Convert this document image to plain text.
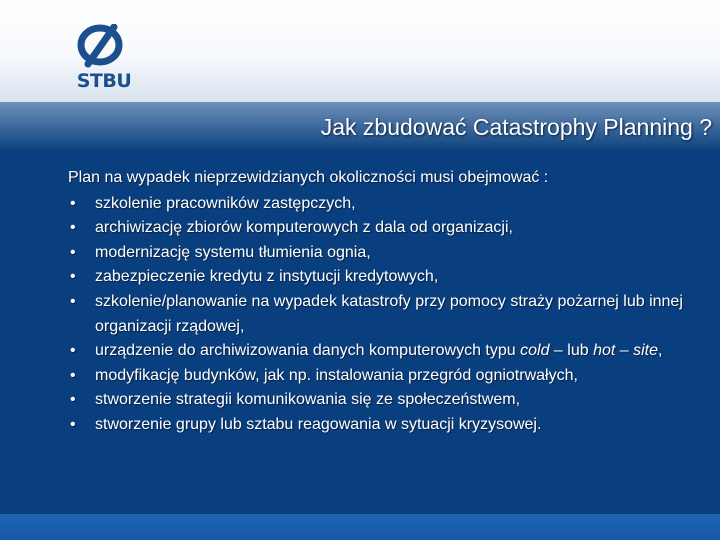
STBU
Jak zbudować Catastrophy Planning ?
Plan na wypadek nieprzewidzianych okoliczności musi obejmować :
• szkolenie pracowników zastępczych,
• archiwizację zbiorów komputerowych z dala od organizacji,
• modernizację systemu tłumienia ognia,
• zabezpieczenie kredytu z instytucji kredytowych,
• szkolenie/planowanie na wypadek katastrofy przy pomocy straży pożarnej lub innej organizacji rządowej,
• urządzenie do archiwizowania danych komputerowych typu cold – lub hot – site,
• modyfikację budynków, jak np. instalowania przegród ogniotrwałych,
• stworzenie strategii komunikowania się ze społeczeństwem,
• stworzenie grupy lub sztabu reagowania w sytuacji kryzysowej.
